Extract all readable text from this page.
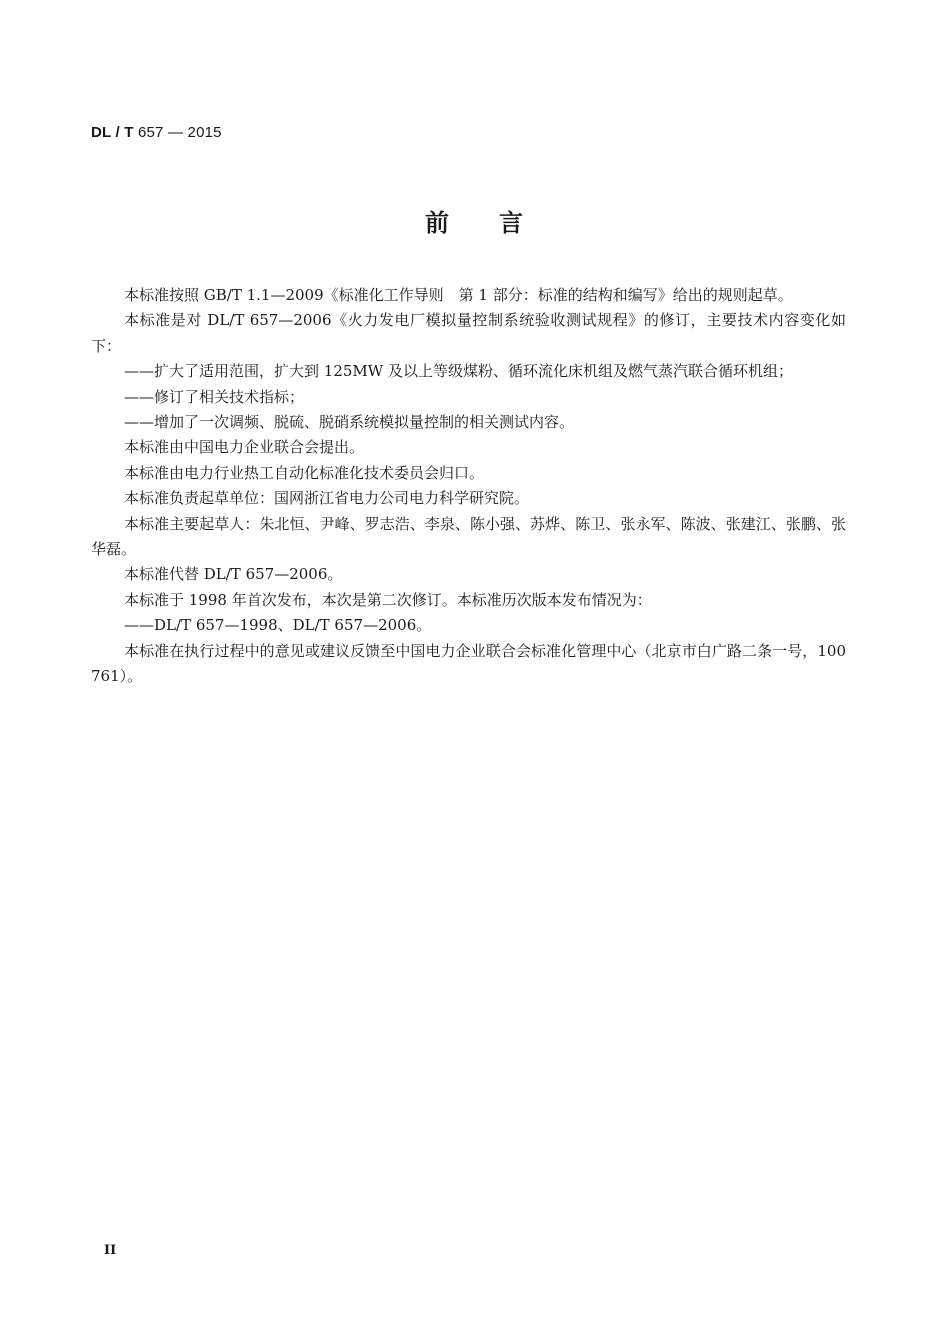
DL / T 657 — 2015
前 言

本标准按照 GB/T 1.1—2009《标准化工作导则　第 1 部分：标准的结构和编写》给出的规则起草。

本标准是对 DL/T 657—2006《火力发电厂模拟量控制系统验收测试规程》的修订，主要技术内容变化如下：

——扩大了适用范围，扩大到 125MW 及以上等级煤粉、循环流化床机组及燃气蒸汽联合循环机组；

——修订了相关技术指标；

——增加了一次调频、脱硫、脱硝系统模拟量控制的相关测试内容。

本标准由中国电力企业联合会提出。

本标准由电力行业热工自动化标准化技术委员会归口。

本标准负责起草单位：国网浙江省电力公司电力科学研究院。

本标准主要起草人：朱北恒、尹峰、罗志浩、李泉、陈小强、苏烨、陈卫、张永军、陈波、张建江、张鹏、张华磊。

本标准代替 DL/T 657—2006。

本标准于 1998 年首次发布，本次是第二次修订。本标准历次版本发布情况为：

——DL/T 657—1998、DL/T 657—2006。

本标准在执行过程中的意见或建议反馈至中国电力企业联合会标准化管理中心（北京市白广路二条一号，100761）。

II
